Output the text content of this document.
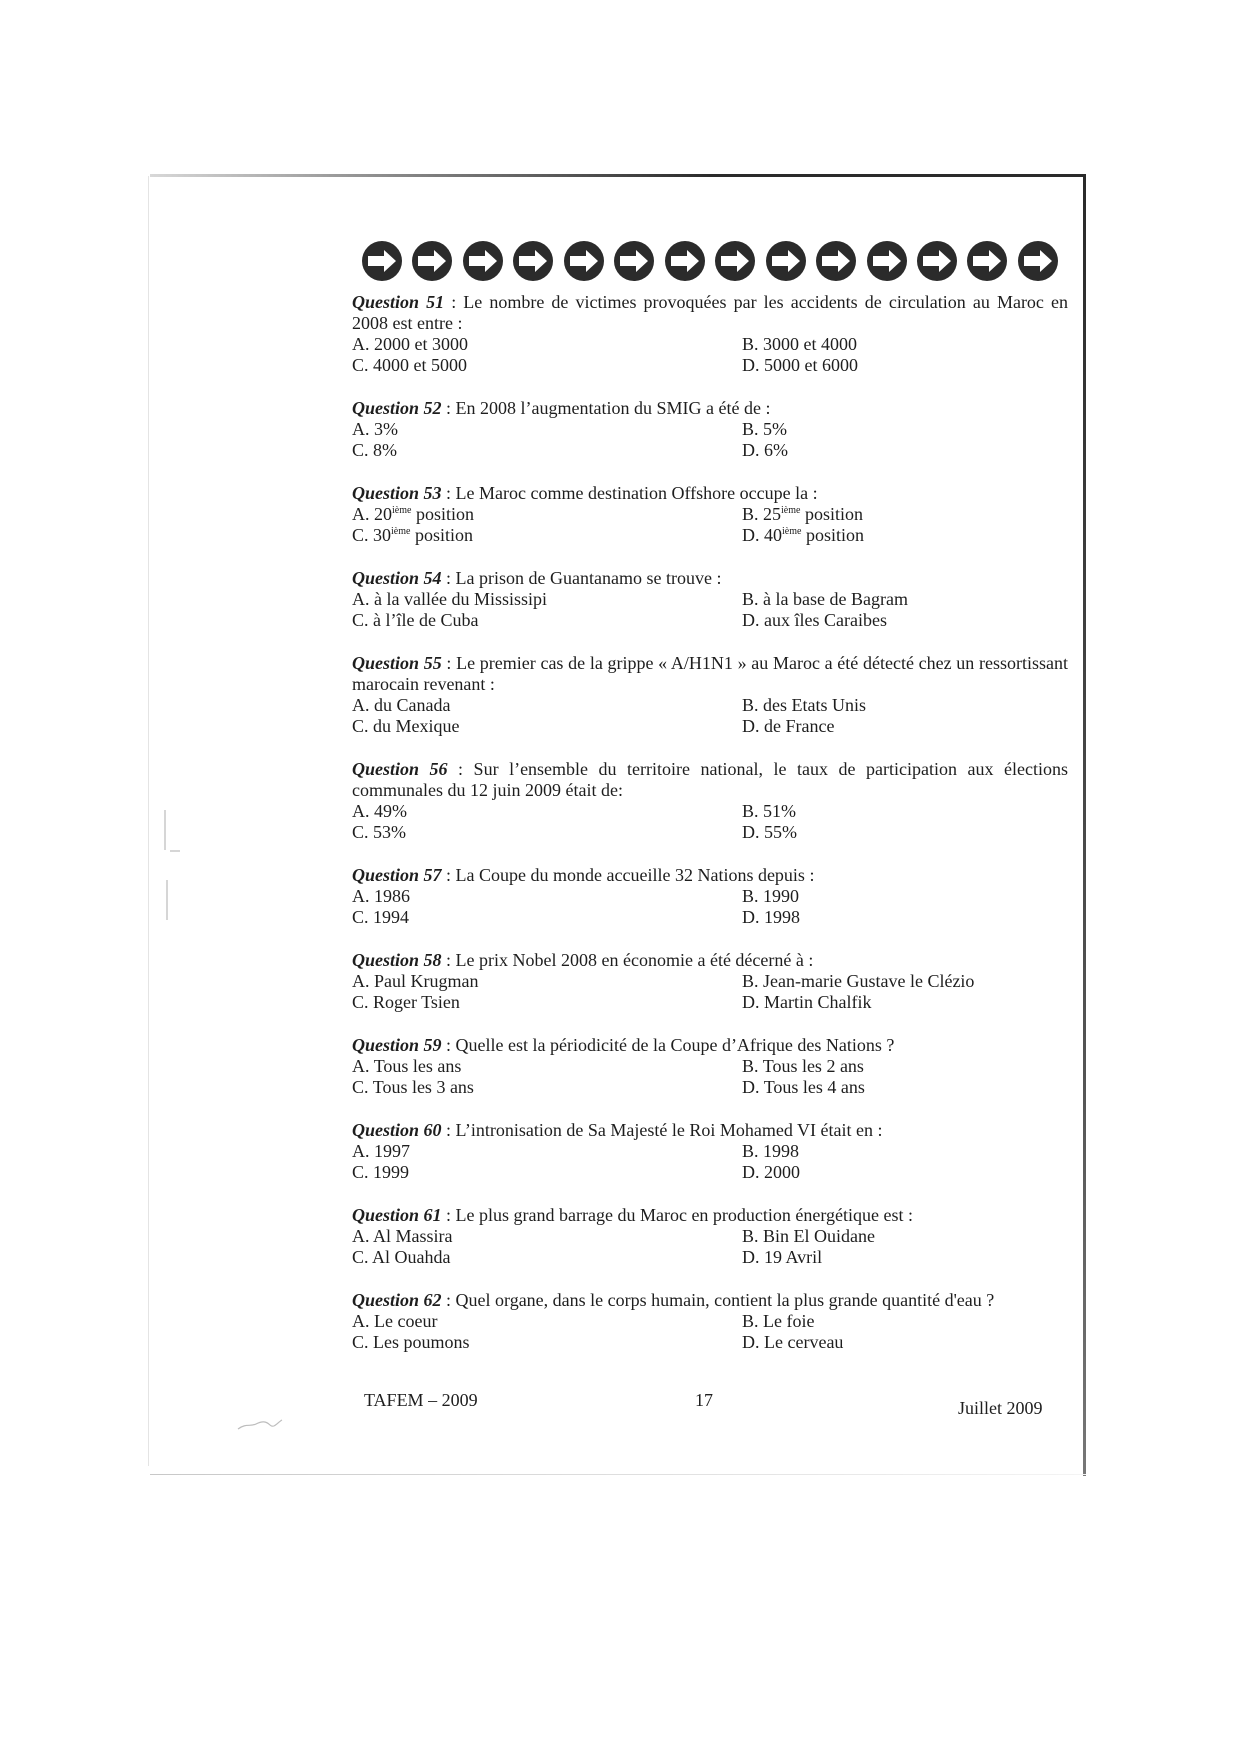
Question 51 : Le nombre de victimes provoquées par les accidents de circulation au Maroc en 2008 est entre :

A. 2000 et 3000	B. 3000 et 4000
C. 4000 et 5000	D. 5000 et 6000

Question 52 : En 2008 l’augmentation du SMIG a été de :

A. 3%	B. 5%
C. 8%	D. 6%

Question 53 : Le Maroc comme destination Offshore occupe la :

A. 20ième position	B. 25ième position
C. 30ième position	D. 40ième position

Question 54 : La prison de Guantanamo se trouve :

A. à la vallée du Mississipi	B. à la base de Bagram
C. à l’île de Cuba	D. aux îles Caraibes

Question 55 : Le premier cas de la grippe « A/H1N1 » au Maroc a été détecté chez un ressortissant marocain revenant :

A. du Canada	B. des Etats Unis
C. du Mexique	D. de France

Question 56 : Sur l’ensemble du territoire national, le taux de participation aux élections communales du 12 juin 2009 était de:

A. 49%	B. 51%
C. 53%	D. 55%

Question 57 : La Coupe du monde accueille 32 Nations depuis :

A. 1986	B. 1990
C. 1994	D. 1998

Question 58 : Le prix Nobel 2008 en économie a été décerné à :

A. Paul Krugman	B. Jean-marie Gustave le Clézio
C. Roger Tsien	D. Martin Chalfik

Question 59 : Quelle est la périodicité de la Coupe d’Afrique des Nations ?

A. Tous les ans	B. Tous les 2 ans
C. Tous les 3 ans	D. Tous les 4 ans

Question 60 : L’intronisation de Sa Majesté le Roi Mohamed VI était en :

A. 1997	B. 1998
C. 1999	D. 2000

Question 61 : Le plus grand barrage du Maroc en production énergétique est :

A. Al Massira	B. Bin El Ouidane
C. Al Ouahda	D. 19 Avril

Question 62 : Quel organe, dans le corps humain, contient la plus grande quantité d'eau ?

A. Le coeur	B. Le foie
C. Les poumons	D. Le cerveau
TAFEM – 2009	17	Juillet 2009
